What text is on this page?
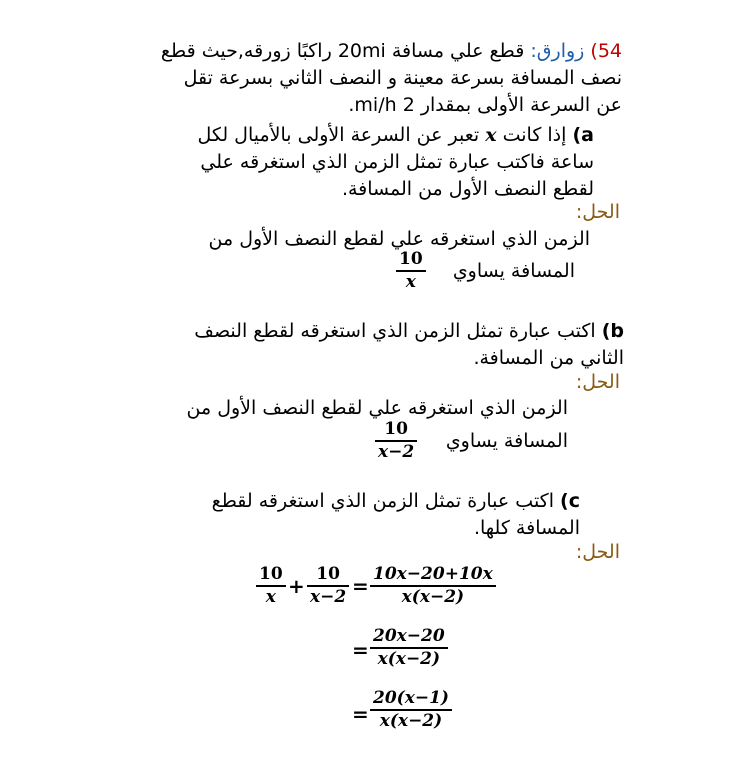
54) زوارق: قطع علي مسافة 20mi راكبًا زورقه,حيث قطع نصف المسافة بسرعة معينة و النصف الثاني بسرعة تقل عن السرعة الأولى بمقدار 2 mi/h.

a) إذا كانت x تعبر عن السرعة الأولى بالأميال لكل ساعة فاكتب عبارة تمثل الزمن الذي استغرقه علي لقطع النصف الأول من المسافة.

الحل:
الزمن الذي استغرقه علي لقطع النصف الأول من
المسافة يساوي
10
x

b) اكتب عبارة تمثل الزمن الذي استغرقه لقطع النصف الثاني من المسافة.

الحل:
الزمن الذي استغرقه علي لقطع النصف الأول من
المسافة يساوي
10
x−2

c) اكتب عبارة تمثل الزمن الذي استغرقه لقطع المسافة كلها.

الحل:
10
x + 10
x−2 = 10x−20+10x
x(x−2)
=
20x−20
x(x−2)
=
20(x−1)
x(x−2)
